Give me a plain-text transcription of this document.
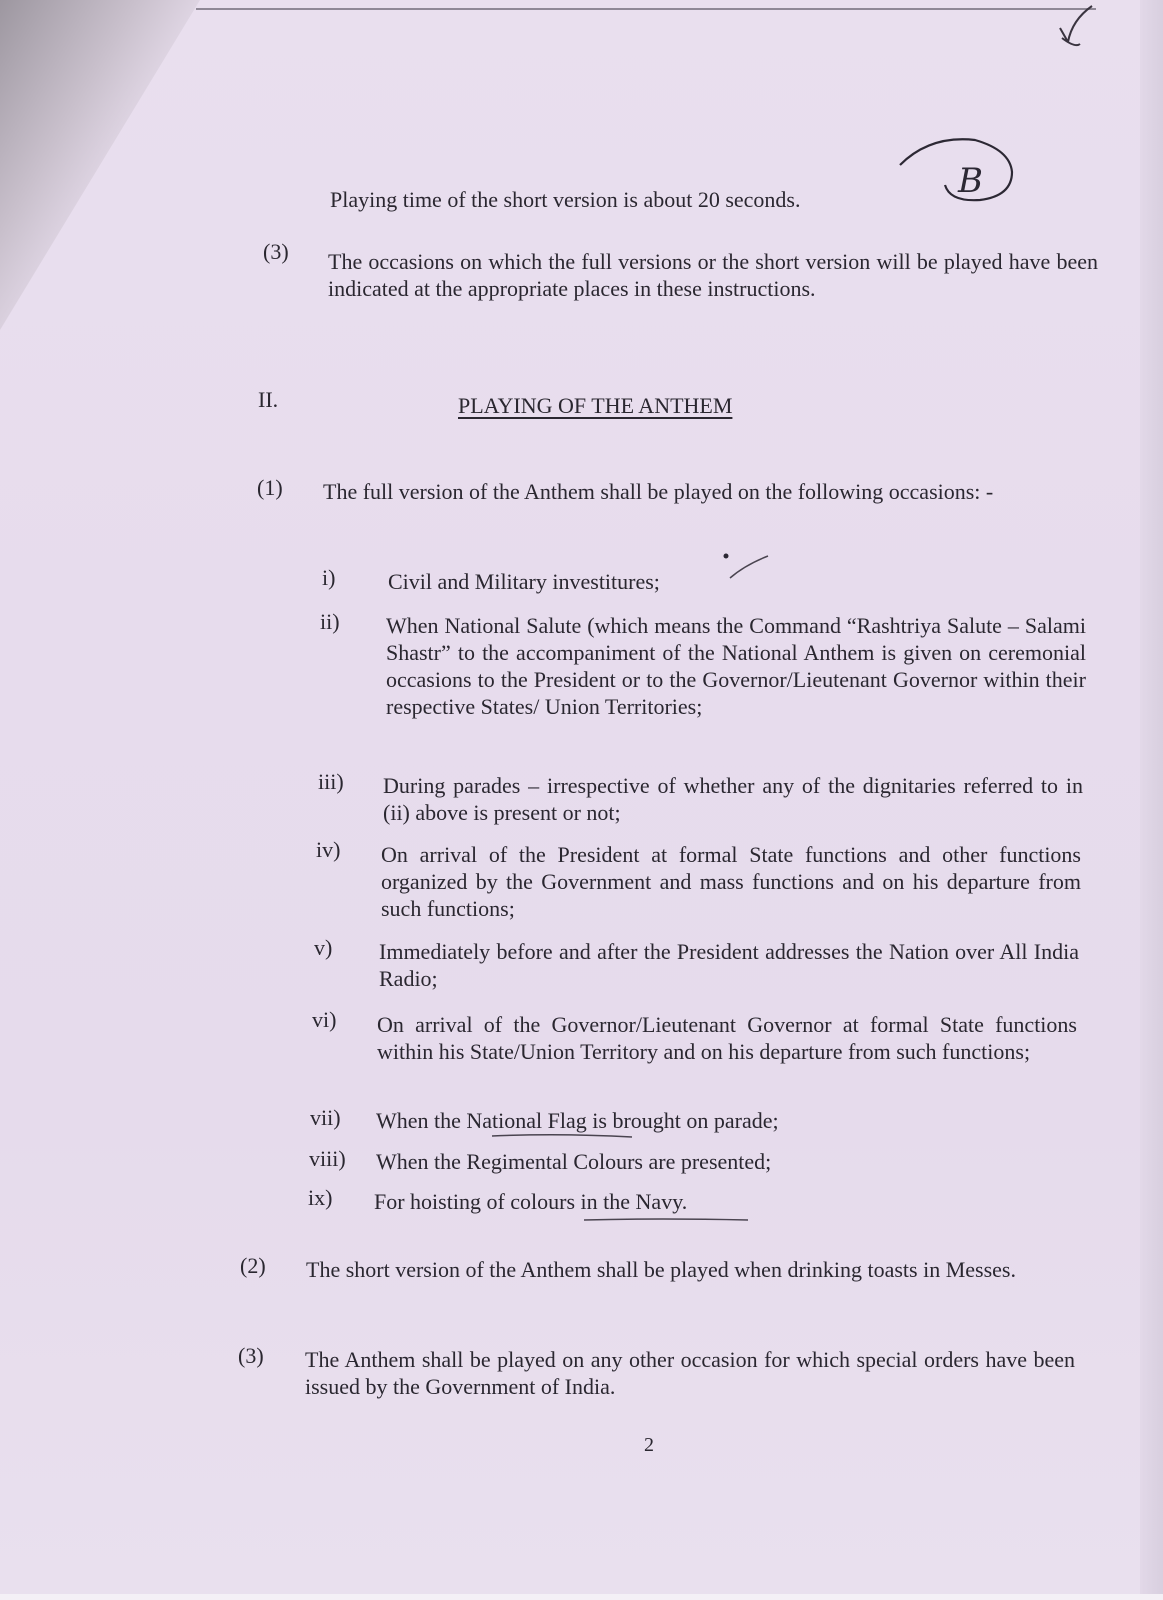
B
Playing time of the short version is about 20 seconds.
(3) The occasions on which the full versions or the short version will be played have been indicated at the appropriate places in these instructions.
II.	PLAYING OF THE ANTHEM
(1) The full version of the Anthem shall be played on the following occasions: -
i) Civil and Military investitures;
ii) When National Salute (which means the Command “Rashtriya Salute – Salami Shastr” to the accompaniment of the National Anthem is given on ceremonial occasions to the President or to the Governor/Lieutenant Governor within their respective States/ Union Territories;
iii) During parades – irrespective of whether any of the dignitaries referred to in (ii) above is present or not;
iv) On arrival of the President at formal State functions and other functions organized by the Government and mass functions and on his departure from such functions;
v) Immediately before and after the President addresses the Nation over All India Radio;
vi) On arrival of the Governor/Lieutenant Governor at formal State functions within his State/Union Territory and on his departure from such functions;
vii) When the National Flag is brought on parade;
viii) When the Regimental Colours are presented;
ix) For hoisting of colours in the Navy.
(2) The short version of the Anthem shall be played when drinking toasts in Messes.
(3) The Anthem shall be played on any other occasion for which special orders have been issued by the Government of India.
2
